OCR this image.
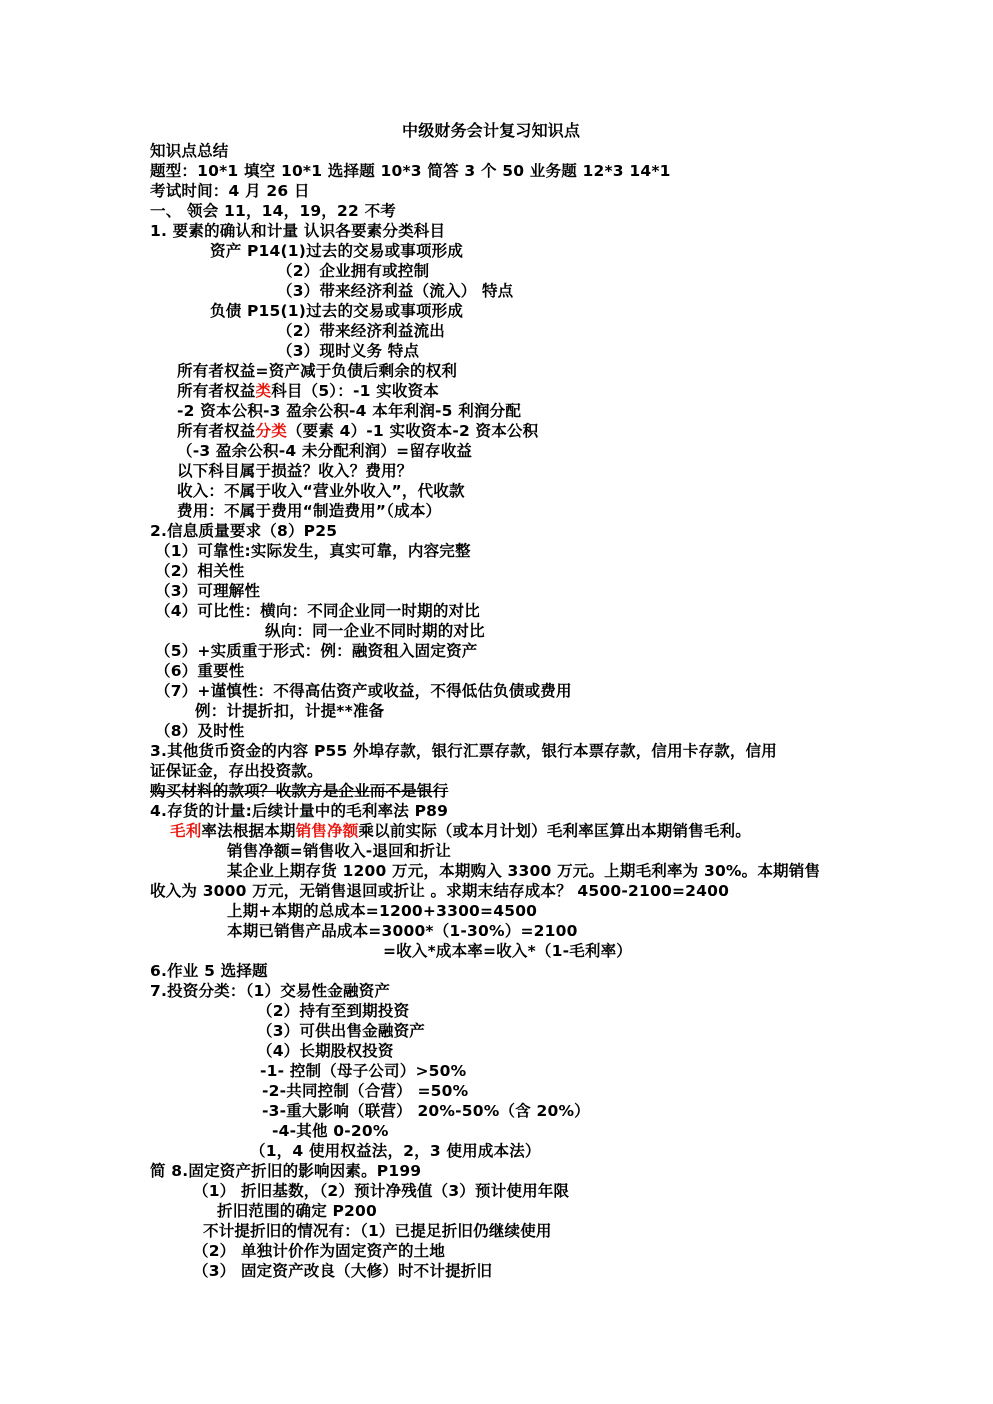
中级财务会计复习知识点
知识点总结
题型：10*1 填空 10*1 选择题 10*3 简答 3 个 50 业务题 12*3 14*1
考试时间：4 月 26 日
一、 领会 11，14，19，22 不考
1. 要素的确认和计量 认识各要素分类科目
资产 P14(1)过去的交易或事项形成
（2）企业拥有或控制
（3）带来经济利益（流入） 特点
负债 P15(1)过去的交易或事项形成
（2）带来经济利益流出
（3）现时义务 特点
所有者权益=资产减于负债后剩余的权利
所有者权益类科目（5）：-1 实收资本
-2 资本公积-3 盈余公积-4 本年利润-5 利润分配
所有者权益分类（要素 4）-1 实收资本-2 资本公积
（-3 盈余公积-4 未分配利润）=留存收益
以下科目属于损益？收入？费用？
收入：不属于收入“营业外收入”，代收款
费用：不属于费用“制造费用”（成本）
2.信息质量要求（8）P25
（1）可靠性:实际发生，真实可靠，内容完整
（2）相关性
（3）可理解性
（4）可比性：横向：不同企业同一时期的对比
纵向：同一企业不同时期的对比
（5）+实质重于形式：例：融资租入固定资产
（6）重要性
（7）+谨慎性：不得高估资产或收益，不得低估负债或费用
例：计提折扣，计提**准备
（8）及时性
3.其他货币资金的内容 P55 外埠存款，银行汇票存款，银行本票存款，信用卡存款，信用
证保证金，存出投资款。
购买材料的款项？收款方是企业而不是银行
4.存货的计量:后续计量中的毛利率法 P89
毛利率法根据本期销售净额乘以前实际（或本月计划）毛利率匡算出本期销售毛利。
销售净额=销售收入-退回和折让
某企业上期存货 1200 万元，本期购入 3300 万元。上期毛利率为 30%。本期销售
收入为 3000 万元，无销售退回或折让 。求期末结存成本？ 4500-2100=2400
上期+本期的总成本=1200+3300=4500
本期已销售产品成本=3000*（1-30%）=2100
=收入*成本率=收入*（1-毛利率）
6.作业 5 选择题
7.投资分类：（1）交易性金融资产
（2）持有至到期投资
（3）可供出售金融资产
（4）长期股权投资
-1- 控制（母子公司）>50%
-2-共同控制（合营） =50%
-3-重大影响（联营） 20%-50%（含 20%）
-4-其他 0-20%
（1，4 使用权益法，2，3 使用成本法）
简 8.固定资产折旧的影响因素。P199
（1） 折旧基数，（2）预计净残值（3）预计使用年限
折旧范围的确定 P200
不计提折旧的情况有：（1）已提足折旧仍继续使用
（2） 单独计价作为固定资产的土地
（3） 固定资产改良（大修）时不计提折旧
